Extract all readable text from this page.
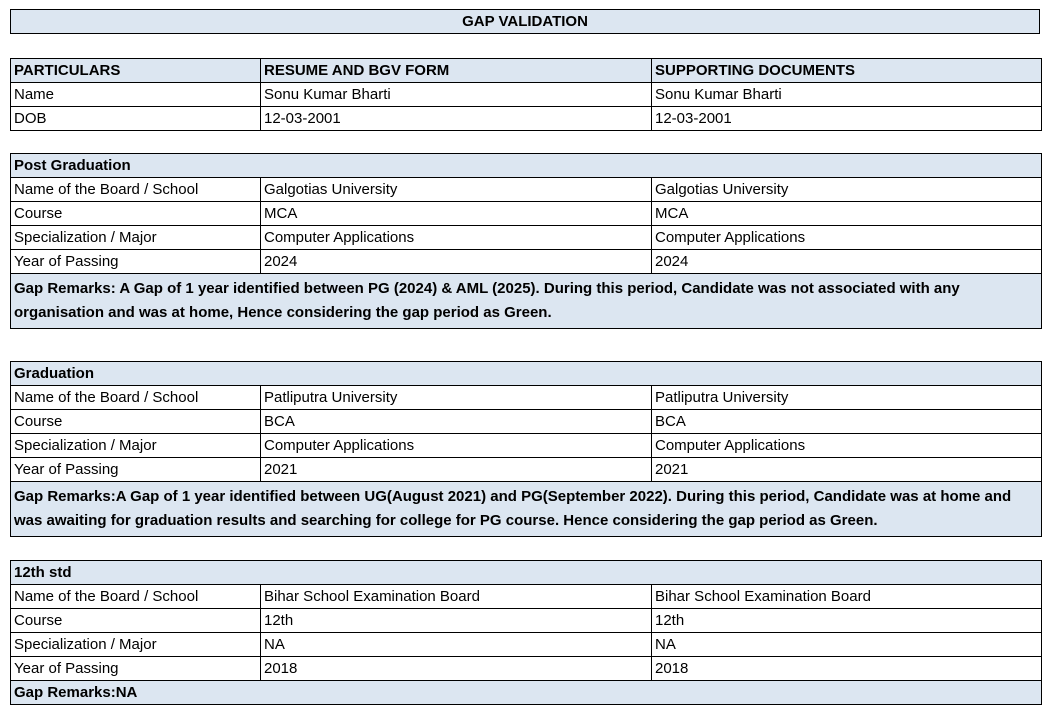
GAP VALIDATION
PARTICULARS	RESUME AND BGV FORM	SUPPORTING DOCUMENTS
Name	Sonu Kumar Bharti	Sonu Kumar Bharti
DOB	12-03-2001	12-03-2001
Post Graduation		
Name of the Board / School	Galgotias University	Galgotias University
Course	MCA	MCA
Specialization / Major	Computer Applications	Computer Applications
Year of Passing	2024	2024
Gap Remarks: A Gap of 1 year identified between PG (2024) & AML (2025). During this period, Candidate was not associated with any organisation and was at home, Hence considering the gap period as Green.		
Graduation		
Name of the Board / School	Patliputra University	Patliputra University
Course	BCA	BCA
Specialization / Major	Computer Applications	Computer Applications
Year of Passing	2021	2021
Gap Remarks:A Gap of 1 year identified between UG(August 2021) and PG(September 2022). During this period, Candidate was at home and was awaiting for graduation results and searching for college for PG course. Hence considering the gap period as Green.		
12th std		
Name of the Board / School	Bihar School Examination Board	Bihar School Examination Board
Course	12th	12th
Specialization / Major	NA	NA
Year of Passing	2018	2018
Gap Remarks:NA		
